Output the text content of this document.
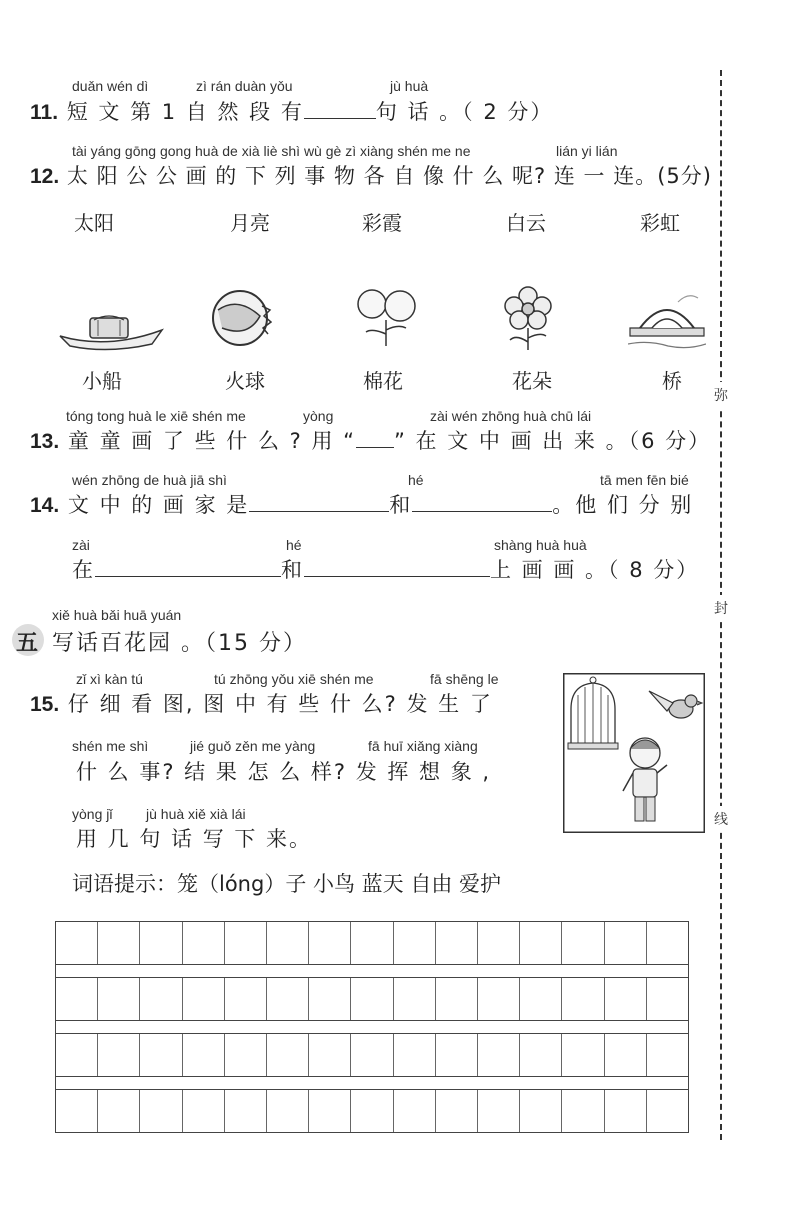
duǎn wén dì	zì rán duàn yǒu	jù huà
11. 短 文 第 1 自 然 段 有	句 话 。（ 2 分）
tài yáng gōng gong huà de xià liè shì wù gè zì xiàng shén me ne	lián yi lián
12. 太 阳 公 公 画 的 下 列 事 物 各 自 像 什 么 呢? 连 一 连。(5分)
太阳	月亮	彩霞	白云	彩虹
小船	火球	棉花	花朵	桥
tóng tong huà le xiē shén me	yòng	zài wén zhōng huà chū lái
13. 童 童 画 了 些 什 么 ? 用 “ ” 在 文 中 画 出 来 。（6 分）
wén zhōng de huà jiā shì	hé	tā men fēn bié
14. 文 中 的 画 家 是	和	。他 们 分 别
zài	hé	shàng huà huà
在	和	上 画 画 。（ 8 分）
xiě huà bǎi huā yuán
五 写话百花园 。（15 分）
zǐ xì kàn tú	tú zhōng yǒu xiē shén me	fā shēng le
15. 仔 细 看 图, 图 中 有 些 什 么? 发 生 了
shén me shì	jié guǒ zěn me yàng	fā huī xiǎng xiàng
什 么 事? 结 果 怎 么 样? 发 挥 想 象 ,
yòng jǐ jù huà xiě xià lái
用 几 句 话 写 下 来。
词语提示：笼（lóng）子 小鸟 蓝天 自由 爱护
弥
封
线
